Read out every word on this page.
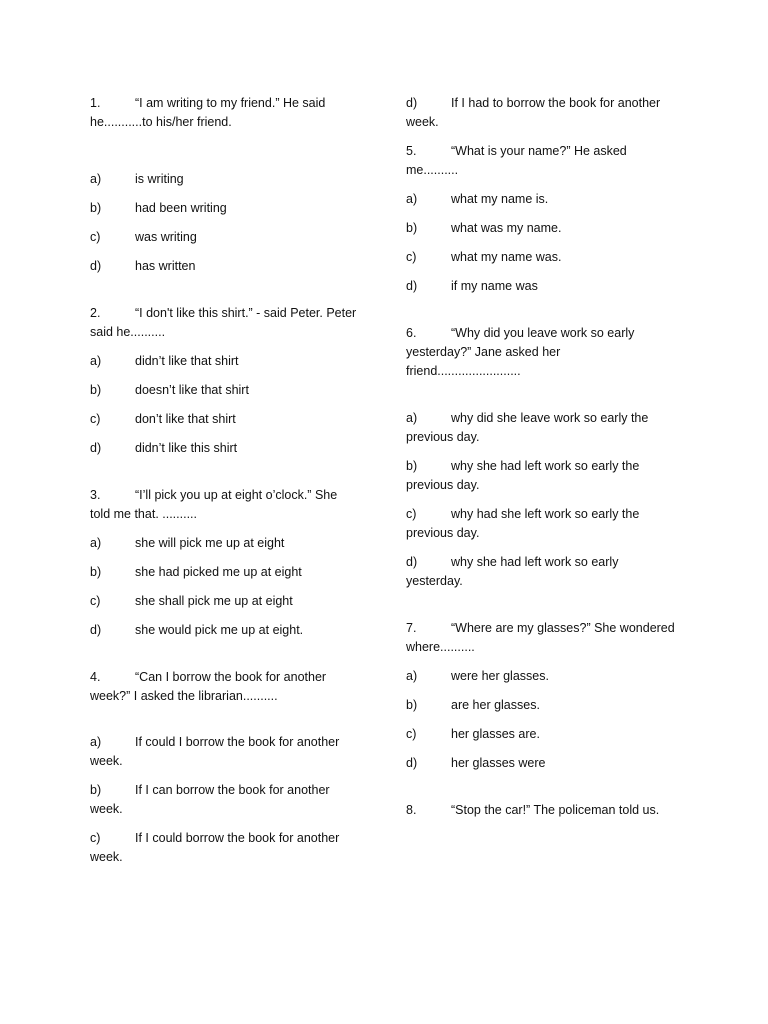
1.	“I am writing to my friend.” He said
he...........to his/her friend.
a)	is writing
b)	had been writing
c)	was writing
d)	has written
2.	“I don't like this shirt.” - said Peter. Peter
said he..........
a)	didn’t like that shirt
b)	doesn’t like that shirt
c)	don’t like that shirt
d)	didn’t like this shirt
3.	“I’ll pick you up at eight o’clock.” She
told me that. ..........
a)	she will pick me up at eight
b)	she had picked me up at eight
c)	she shall pick me up at eight
d)	she would pick me up at eight.
4.	“Can I borrow the book for another
week?” I asked the librarian..........
a)	If could I borrow the book for another
week.
b)	If I can borrow the book for another
week.
c)	If I could borrow the book for another
week.
d)	If I had to borrow the book for another
week.
5.	“What is your name?” He asked
me..........
a)	what my name is.
b)	what was my name.
c)	what my name was.
d)	if my name was
6.	“Why did you leave work so early
yesterday?” Jane asked her
friend........................
a)	why did she leave work so early the
previous day.
b)	why she had left work so early the
previous day.
c)	why had she left work so early the
previous day.
d)	why she had left work so early
yesterday.
7.	“Where are my glasses?” She wondered
where..........
a)	were her glasses.
b)	are her glasses.
c)	her glasses are.
d)	her glasses were
8.	“Stop the car!” The policeman told us.
